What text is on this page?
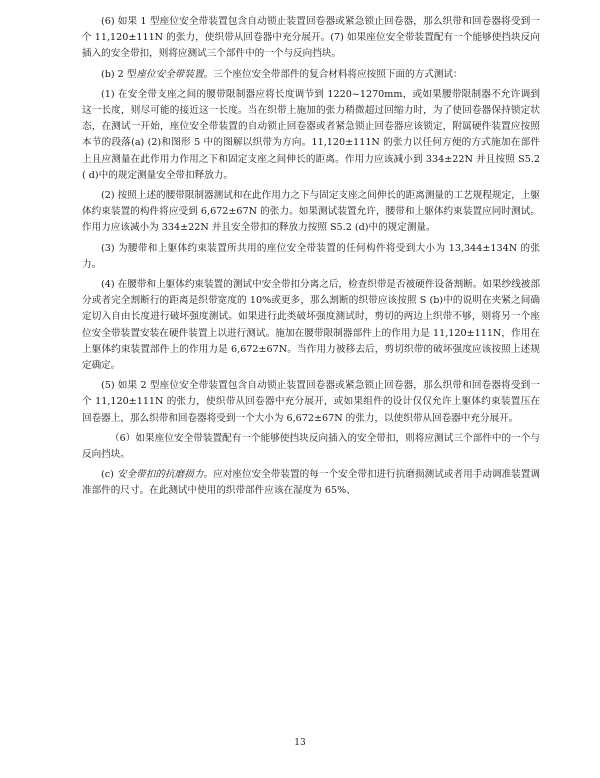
(6) 如果 1 型座位安全带装置包含自动锁止装置回卷器或紧急锁止回卷器，那么织带和回卷器将受到一个 11,120±111N 的张力，使织带从回卷器中充分展开。(7) 如果座位安全带装置配有一个能够使挡块反向插入的安全带扣，则将应测试三个部件中的一个与反向挡块。

(b) 2 型座位安全带装置。三个座位安全带部件的复合材料将应按照下面的方式测试：

(1) 在安全带支座之间的腰带限制器应将长度调节到 1220~1270mm，或如果腰带限制器不允许调到这一长度，则尽可能的接近这一长度。当在织带上施加的张力稍微超过回缩力时，为了使回卷器保持锁定状态，在测试一开始，座位安全带装置的自动锁止回卷器或者紧急锁止回卷器应该锁定，附属硬件装置应按照本节的段落(a) (2)和图形 5 中的图解以织带为方向。11,120±111N 的张力以任何方便的方式施加在部件上且应测量在此作用力作用之下和固定支座之间伸长的距离。作用力应该减小到 334±22N 并且按照 S5.2 ( d)中的规定测量安全带扣释放力。

(2) 按照上述的腰带限制器测试和在此作用力之下与固定支座之间伸长的距离测量的工艺规程规定，上躯体约束装置的构件将应受到 6,672±67N 的张力。如果测试装置允许，腰带和上躯体约束装置应同时测试。作用力应该减小为 334±22N 并且安全带扣的释放力按照 S5.2 (d)中的规定测量。

(3) 为腰带和上躯体约束装置所共用的座位安全带装置的任何构件将受到大小为 13,344±134N 的张力。

(4) 在腰带和上躯体约束装置的测试中安全带扣分离之后，检查织带是否被硬件设备割断。如果纱线被部分或者完全割断行的距离是织带宽度的 10%或更多，那么割断的织带应该按照 S (b)中的说明在夹紧之间确定切入自由长度进行破坏强度测试。如果进行此类破坏强度测试时，剪切的两边上织带不够，则将另一个座位安全带装置安装在硬件装置上以进行测试。施加在腰带限制器部件上的作用力是 11,120±111N，作用在上躯体约束装置部件上的作用力是 6,672±67N。当作用力被移去后，剪切织带的破坏强度应该按照上述规定确定。

(5) 如果 2 型座位安全带装置包含自动锁止装置回卷器或紧急锁止回卷器，那么织带和回卷器将受到一个 11,120±111N 的张力，使织带从回卷器中充分展开，或如果组件的设计仅仅允许上躯体约束装置压在回卷器上，那么织带和回卷器将受到一个大小为 6,672±67N 的张力，以使织带从回卷器中充分展开。

（6）如果座位安全带装置配有一个能够使挡块反向插入的安全带扣，则将应测试三个部件中的一个与反向挡块。

(c) 安全带扣的抗磨损力。应对座位安全带装置的每一个安全带扣进行抗磨损测试或者用手动调准装置调准部件的尺寸。在此测试中使用的织带部件应该在湿度为 65%、

13
